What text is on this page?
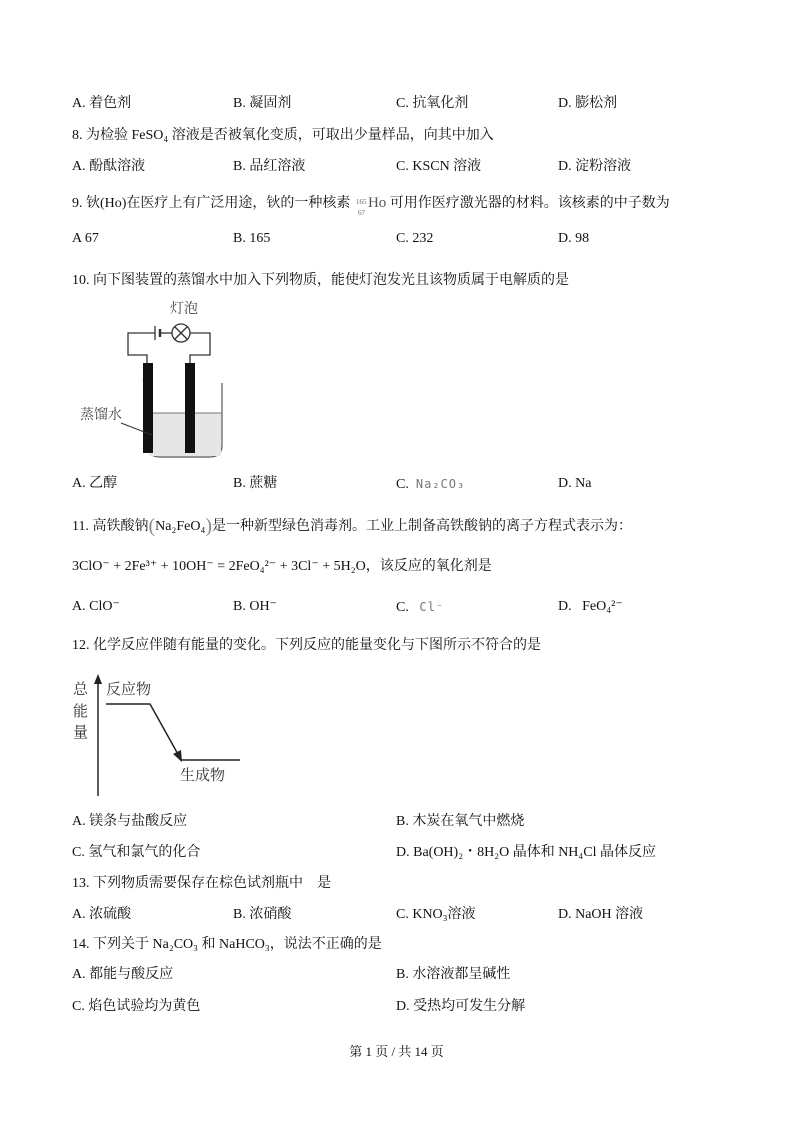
A. 着色剂	B. 凝固剂	C. 抗氧化剂	D. 膨松剂
8. 为检验 FeSO₄ 溶液是否被氧化变质，可取出少量样品，向其中加入
A. 酚酞溶液	B. 品红溶液	C. KSCN 溶液	D. 淀粉溶液
9. 钬(Ho)在医疗上有广泛用途，钬的一种核素 165
67
Ho 可用作医疗激光器的材料。该核素的中子数为
A 67	B. 165	C. 232	D. 98
10. 向下图装置的蒸馏水中加入下列物质，能使灯泡发光且该物质属于电解质的是
灯泡
蒸馏水
A. 乙醇	B. 蔗糖	C. Na₂CO₃	D. Na
11. 高铁酸钠(Na₂FeO₄)是一种新型绿色消毒剂。工业上制备高铁酸钠的离子方程式表示为：
3ClO⁻ + 2Fe³⁺ + 10OH⁻ = 2FeO₄²⁻ + 3Cl⁻ + 5H₂O，该反应的氧化剂是
A. ClO⁻	B. OH⁻	C. Cl⁻	D. FeO₄²⁻
12. 化学反应伴随有能量的变化。下列反应的能量变化与下图所示不符合的是
总
能
量
反应物
生成物
A. 镁条与盐酸反应	B. 木炭在氧气中燃烧
C. 氢气和氯气的化合	D. Ba(OH)₂・8H₂O 晶体和 NH₄Cl 晶体反应
13. 下列物质需要保存在棕色试剂瓶中　是
A. 浓硫酸	B. 浓硝酸	C. KNO₃溶液	D. NaOH 溶液
14. 下列关于 Na₂CO₃ 和 NaHCO₃，说法不正确的是
A. 都能与酸反应	B. 水溶液都呈碱性
C. 焰色试验均为黄色	D. 受热均可发生分解
第 1 页 / 共 14 页
